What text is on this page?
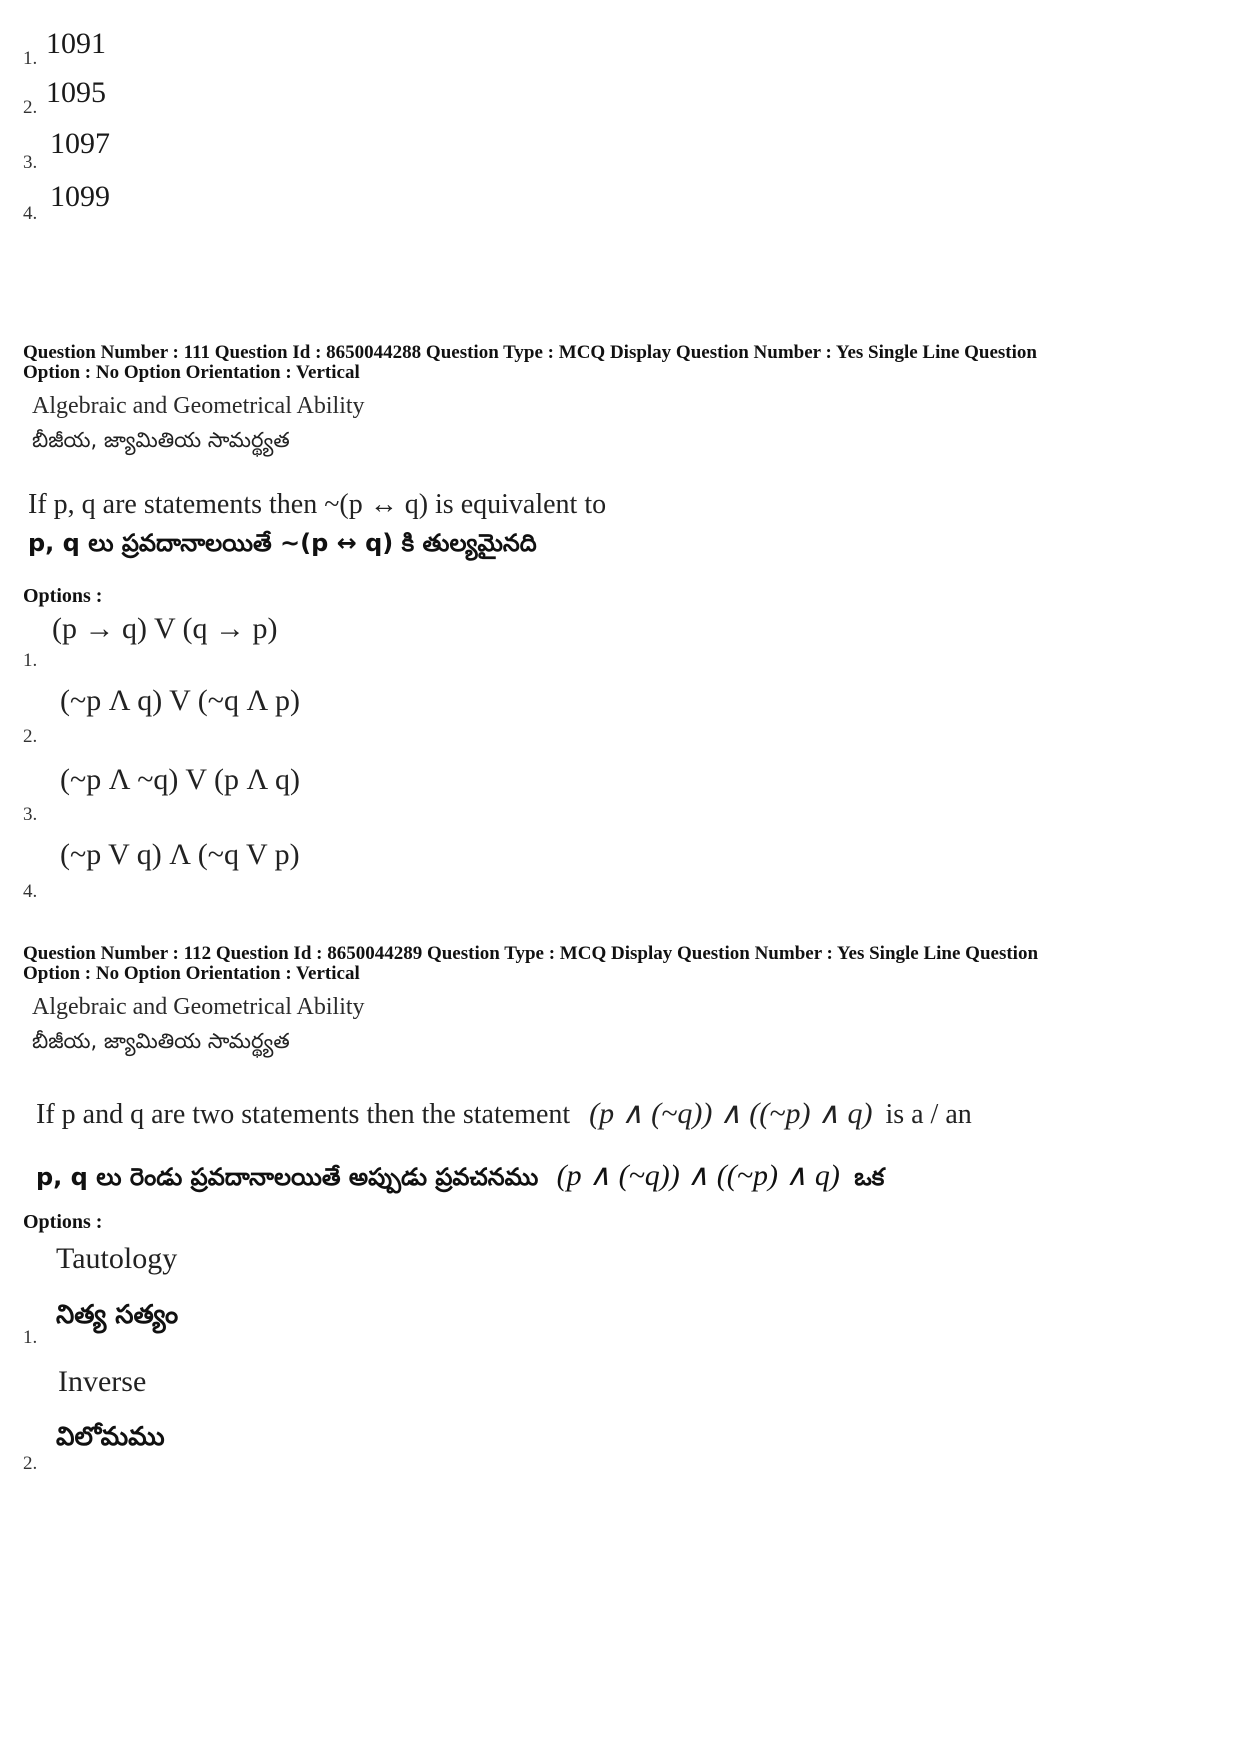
1. 1091
2. 1095
3.
1097
4.
1099
Question Number : 111 Question Id : 8650044288 Question Type : MCQ Display Question Number : Yes Single Line Question
Option : No Option Orientation : Vertical
Algebraic and Geometrical Ability
బీజీయ, జ్యామితియ సామర్థ్యత
If p, q are statements then ~(p ↔ q) is equivalent to
p, q లు ప్రవదానాలయితే ~(p ↔ q) కి తుల్యమైనది
Options :
1.
(p → q) V (q → p)
2.
(~p Λ q) V (~q Λ p)
3.
(~p Λ ~q) V (p Λ q)
4.
(~p V q) Λ (~q V p)
Question Number : 112 Question Id : 8650044289 Question Type : MCQ Display Question Number : Yes Single Line Question
Option : No Option Orientation : Vertical
Algebraic and Geometrical Ability
బీజీయ, జ్యామితియ సామర్థ్యత
If p and q are two statements then the statement (p ∧ (~q)) ∧ ((~p) ∧ q) is a / an
p, q లు రెండు ప్రవదానాలయితే అప్పుడు ప్రవచనము (p ∧ (~q)) ∧ ((~p) ∧ q) ఒక
Options :
Tautology
నిత్య సత్యం
1.
Inverse
విలోమము
2.
